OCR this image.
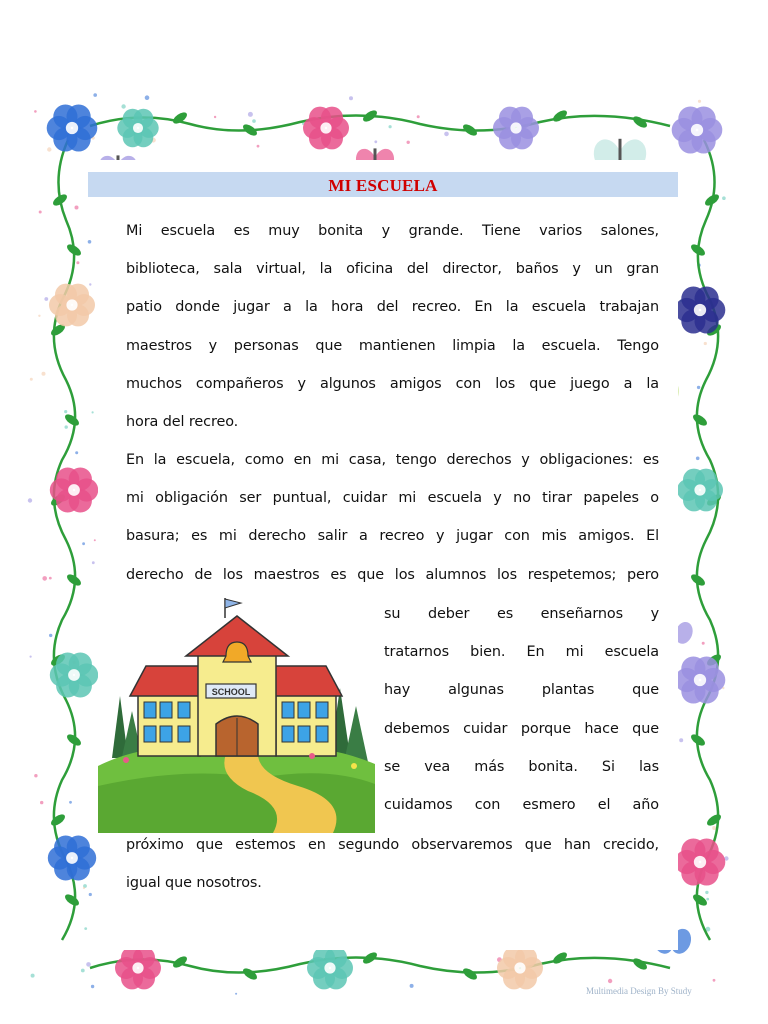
MI ESCUELA

Mi escuela es muy bonita y grande. Tiene varios salones,

biblioteca, sala virtual, la oficina del director, baños y un gran

patio donde jugar a la hora del recreo. En la escuela trabajan

maestros y personas que mantienen limpia la escuela. Tengo

muchos compañeros y algunos amigos con los que juego a la

hora del recreo.

En la escuela, como en mi casa, tengo derechos y obligaciones: es

mi obligación ser puntual, cuidar mi escuela y no tirar papeles o

basura; es mi derecho salir a recreo y jugar con mis amigos. El

derecho de los maestros es que los alumnos los respetemos; pero

su deber es enseñarnos y

tratarnos bien. En mi escuela

hay algunas plantas que

debemos cuidar porque hace que

se vea más bonita. Si las

cuidamos con esmero el año

próximo que estemos en segundo observaremos que han crecido,

igual que nosotros.

SCHOOL
Multimedia Design By Study
